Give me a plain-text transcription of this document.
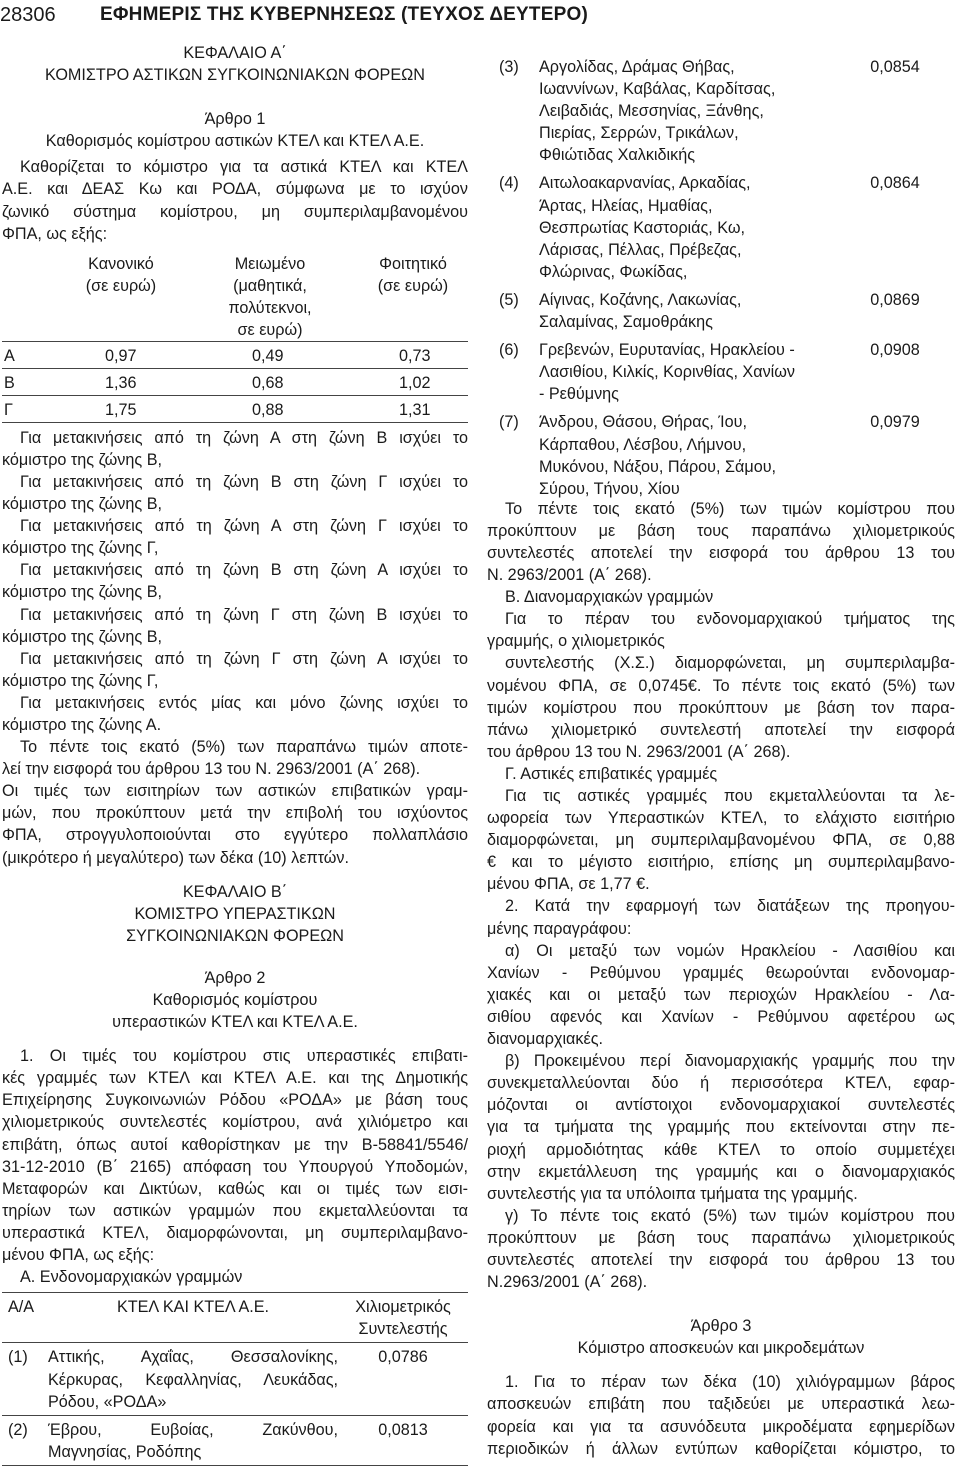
28306 ΕΦΗΜΕΡΙΣ ΤΗΣ ΚΥΒΕΡΝΗΣΕΩΣ (ΤΕΥΧΟΣ ΔΕΥΤΕΡΟ)
ΚΕΦΑΛΑΙΟ Α΄
ΚΟΜΙΣΤΡΟ ΑΣΤΙΚΩΝ ΣΥΓΚΟΙΝΩΝΙΑΚΩΝ ΦΟΡΕΩΝ
Άρθρο 1
Καθορισμός κομίστρου αστικών ΚΤΕΛ και ΚΤΕΛ Α.Ε.
Καθορίζεται το κόμιστρο για τα αστικά ΚΤΕΛ και ΚΤΕΛ
Α.Ε. και ΔΕΑΣ Κω και ΡΟΔΑ, σύμφωνα με το ισχύον
ζωνικό σύστημα κομίστρου, μη συμπεριλαμβανομένου
ΦΠΑ, ως εξής:
Κανονικό
(σε ευρώ)
Μειωμένο
(μαθητικά,
πολύτεκνοι,
σε ευρώ)
Φοιτητικό
(σε ευρώ)
Α	0,97	0,49	0,73
Β	1,36	0,68	1,02
Γ	1,75	0,88	1,31
Για μετακινήσεις από τη ζώνη Α στη ζώνη Β ισχύει το
κόμιστρο της ζώνης Β,
Για μετακινήσεις από τη ζώνη Β στη ζώνη Γ ισχύει το
κόμιστρο της ζώνης Β,
Για μετακινήσεις από τη ζώνη Α στη ζώνη Γ ισχύει το
κόμιστρο της ζώνης Γ,
Για μετακινήσεις από τη ζώνη Β στη ζώνη Α ισχύει το
κόμιστρο της ζώνης Β,
Για μετακινήσεις από τη ζώνη Γ στη ζώνη Β ισχύει το
κόμιστρο της ζώνης Β,
Για μετακινήσεις από τη ζώνη Γ στη ζώνη Α ισχύει το
κόμιστρο της ζώνης Γ,
Για μετακινήσεις εντός μίας και μόνο ζώνης ισχύει το
κόμιστρο της ζώνης Α.
Το πέντε τοις εκατό (5%) των παραπάνω τιμών αποτε-
λεί την εισφορά του άρθρου 13 του Ν. 2963/2001 (Α΄ 268).
Οι τιμές των εισιτηρίων των αστικών επιβατικών γραμ-
μών, που προκύπτουν μετά την επιβολή του ισχύοντος
ΦΠΑ, στρογγυλοποιούνται στο εγγύτερο πολλαπλάσιο
(μικρότερο ή μεγαλύτερο) των δέκα (10) λεπτών.
ΚΕΦΑΛΑΙΟ Β΄
ΚΟΜΙΣΤΡΟ ΥΠΕΡΑΣΤΙΚΩΝ
ΣΥΓΚΟΙΝΩΝΙΑΚΩΝ ΦΟΡΕΩΝ
Άρθρο 2
Καθορισμός κομίστρου
υπεραστικών ΚΤΕΛ και ΚΤΕΛ Α.Ε.
1. Οι τιμές του κομίστρου στις υπεραστικές επιβατι-
κές γραμμές των ΚΤΕΛ και ΚΤΕΛ Α.Ε. και της Δημοτικής
Επιχείρησης Συγκοινωνιών Ρόδου «ΡΟΔΑ» με βάση τους
χιλιομετρικούς συντελεστές κομίστρου, ανά χιλιόμετρο και
επιβάτη, όπως αυτοί καθορίστηκαν με την Β-58841/5546/
31-12-2010 (Β΄ 2165) απόφαση του Υπουργού Υποδομών,
Μεταφορών και Δικτύων, καθώς και οι τιμές των εισι-
τηρίων των αστικών γραμμών που εκμεταλλεύονται τα
υπεραστικά ΚΤΕΛ, διαμορφώνονται, μη συμπεριλαμβανο-
μένου ΦΠΑ, ως εξής:
Α. Ενδονομαρχιακών γραμμών
Α/Α	ΚΤΕΛ ΚΑΙ ΚΤΕΛ Α.Ε.	Χιλιομετρικός
Συντελεστής

(1)	Αττικής, Αχαΐας, Θεσσαλονίκης,
Κέρκυρας, Κεφαλληνίας, Λευκάδας,
Ρόδου, «ΡΟΔΑ»	0,0786
(2)	Έβρου, Ευβοίας, Ζακύνθου,
Μαγνησίας, Ροδόπης	0,0813
(3)	Αργολίδας, Δράμας Θήβας,
Ιωαννίνων, Καβάλας, Καρδίτσας,
Λειβαδιάς, Μεσσηνίας, Ξάνθης,
Πιερίας, Σερρών, Τρικάλων,
Φθιώτιδας Χαλκιδικής	0,0854
(4)	Αιτωλοακαρνανίας, Αρκαδίας,
Άρτας, Ηλείας, Ημαθίας,
Θεσπρωτίας Καστοριάς, Κω,
Λάρισας, Πέλλας, Πρέβεζας,
Φλώρινας, Φωκίδας,	0,0864
(5)	Αίγινας, Κοζάνης, Λακωνίας,
Σαλαμίνας, Σαμοθράκης	0,0869
(6)	Γρεβενών, Ευρυτανίας, Ηρακλείου -
Λασιθίου, Κιλκίς, Κορινθίας, Χανίων
- Ρεθύμνης	0,0908
(7)	Άνδρου, Θάσου, Θήρας, Ίου,
Κάρπαθου, Λέσβου, Λήμνου,
Μυκόνου, Νάξου, Πάρου, Σάμου,
Σύρου, Τήνου, Χίου	0,0979
Το πέντε τοις εκατό (5%) των τιμών κομίστρου που
προκύπτουν με βάση τους παραπάνω χιλιομετρικούς
συντελεστές αποτελεί την εισφορά του άρθρου 13 του
Ν. 2963/2001 (Α΄ 268).
Β. Διανομαρχιακών γραμμών
Για το πέραν του ενδονομαρχιακού τμήματος της
γραμμής, ο χιλιομετρικός
συντελεστής (Χ.Σ.) διαμορφώνεται, μη συμπεριλαμβα-
νομένου ΦΠΑ, σε 0,0745€. Το πέντε τοις εκατό (5%) των
τιμών κομίστρου που προκύπτουν με βάση τον παρα-
πάνω χιλιομετρικό συντελεστή αποτελεί την εισφορά
του άρθρου 13 του Ν. 2963/2001 (Α΄ 268).
Γ. Αστικές επιβατικές γραμμές
Για τις αστικές γραμμές που εκμεταλλεύονται τα λε-
ωφορεία των Υπεραστικών ΚΤΕΛ, το ελάχιστο εισιτήριο
διαμορφώνεται, μη συμπεριλαμβανομένου ΦΠΑ, σε 0,88
€ και το μέγιστο εισιτήριο, επίσης μη συμπεριλαμβανο-
μένου ΦΠΑ, σε 1,77 €.
2. Κατά την εφαρμογή των διατάξεων της προηγου-
μένης παραγράφου:
α) Οι μεταξύ των νομών Ηρακλείου - Λασιθίου και
Χανίων - Ρεθύμνου γραμμές θεωρούνται ενδονομαρ-
χιακές και οι μεταξύ των περιοχών Ηρακλείου - Λα-
σιθίου αφενός και Χανίων - Ρεθύμνου αφετέρου ως
διανομαρχιακές.
β) Προκειμένου περί διανομαρχιακής γραμμής που την
συνεκμεταλλεύονται δύο ή περισσότερα ΚΤΕΛ, εφαρ-
μόζονται οι αντίστοιχοι ενδονομαρχιακοί συντελεστές
για τα τμήματα της γραμμής που εκτείνονται στην πε-
ριοχή αρμοδιότητας κάθε ΚΤΕΛ το οποίο συμμετέχει
στην εκμετάλλευση της γραμμής και ο διανομαρχιακός
συντελεστής για τα υπόλοιπα τμήματα της γραμμής.
γ) Το πέντε τοις εκατό (5%) των τιμών κομίστρου που
προκύπτουν με βάση τους παραπάνω χιλιομετρικούς
συντελεστές αποτελεί την εισφορά του άρθρου 13 του
Ν.2963/2001 (Α΄ 268).
Άρθρο 3
Κόμιστρο αποσκευών και μικροδεμάτων
1. Για το πέραν των δέκα (10) χιλιόγραμμων βάρος
αποσκευών επιβάτη που ταξιδεύει με υπεραστικά λεω-
φορεία και για τα ασυνόδευτα μικροδέματα εφημερίδων
περιοδικών ή άλλων εντύπων καθορίζεται κόμιστρο, το
